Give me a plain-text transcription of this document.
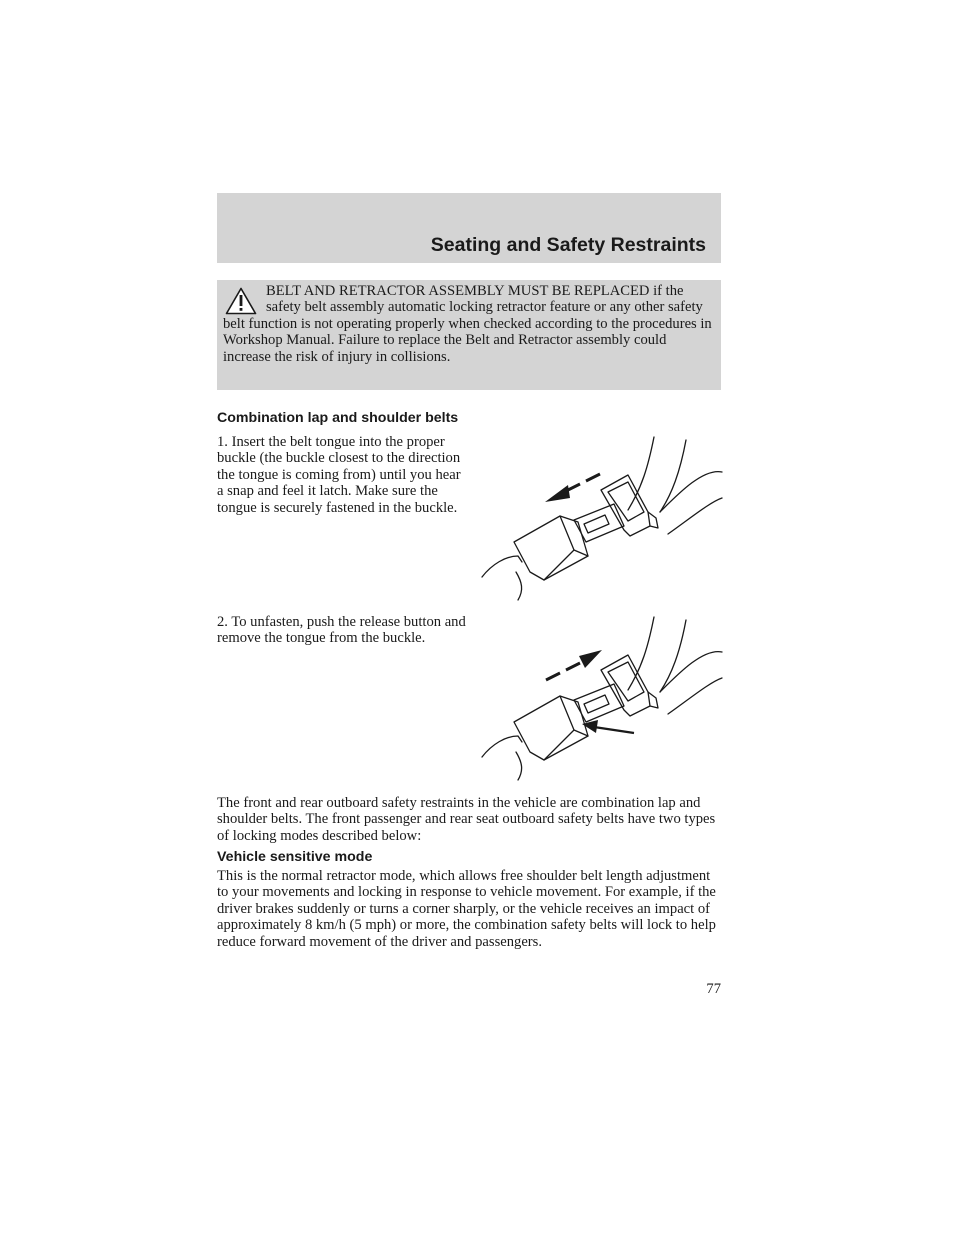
Seating and Safety Restraints

BELT AND RETRACTOR ASSEMBLY MUST BE REPLACED if the safety belt assembly automatic locking retractor feature or any other safety belt function is not operating properly when checked according to the procedures in Workshop Manual. Failure to replace the Belt and Retractor assembly could increase the risk of injury in collisions.

Combination lap and shoulder belts

1. Insert the belt tongue into the proper buckle (the buckle closest to the direction the tongue is coming from) until you hear a snap and feel it latch. Make sure the tongue is securely fastened in the buckle.

2. To unfasten, push the release button and remove the tongue from the buckle.

The front and rear outboard safety restraints in the vehicle are combination lap and shoulder belts. The front passenger and rear seat outboard safety belts have two types of locking modes described below:

Vehicle sensitive mode

This is the normal retractor mode, which allows free shoulder belt length adjustment to your movements and locking in response to vehicle movement. For example, if the driver brakes suddenly or turns a corner sharply, or the vehicle receives an impact of approximately 8 km/h (5 mph) or more, the combination safety belts will lock to help reduce forward movement of the driver and passengers.

77
